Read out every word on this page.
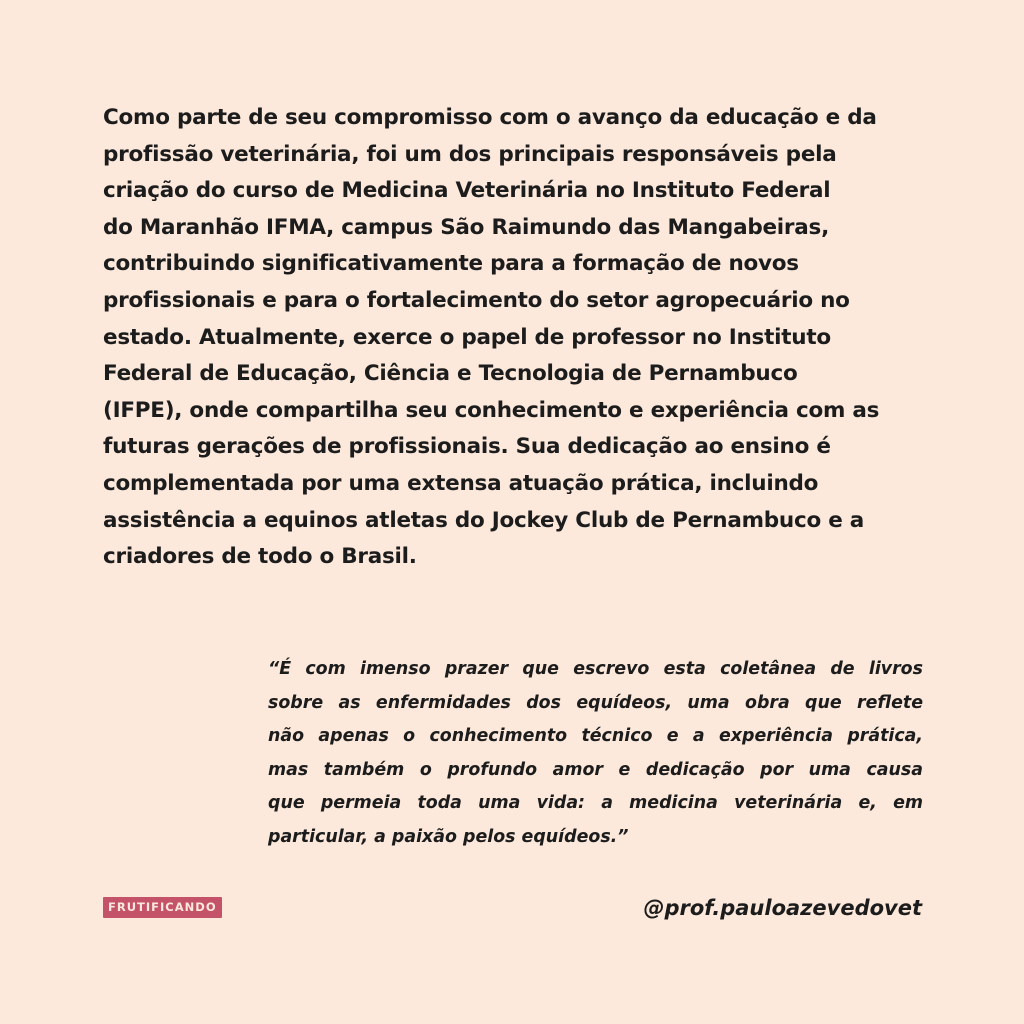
Como parte de seu compromisso com o avanço da educação e da
profissão veterinária, foi um dos principais responsáveis pela
criação do curso de Medicina Veterinária no Instituto Federal
do Maranhão IFMA, campus São Raimundo das Mangabeiras,
contribuindo significativamente para a formação de novos
profissionais e para o fortalecimento do setor agropecuário no
estado. Atualmente, exerce o papel de professor no Instituto
Federal de Educação, Ciência e Tecnologia de Pernambuco
(IFPE), onde compartilha seu conhecimento e experiência com as
futuras gerações de profissionais. Sua dedicação ao ensino é
complementada por uma extensa atuação prática, incluindo
assistência a equinos atletas do Jockey Club de Pernambuco e a
criadores de todo o Brasil.

“É com imenso prazer que escrevo esta coletânea de livros
sobre as enfermidades dos equídeos, uma obra que reflete
não apenas o conhecimento técnico e a experiência prática,
mas também o profundo amor e dedicação por uma causa
que permeia toda uma vida: a medicina veterinária e, em
particular, a paixão pelos equídeos.”
FRUTIFICANDO	@prof.pauloazevedovet
